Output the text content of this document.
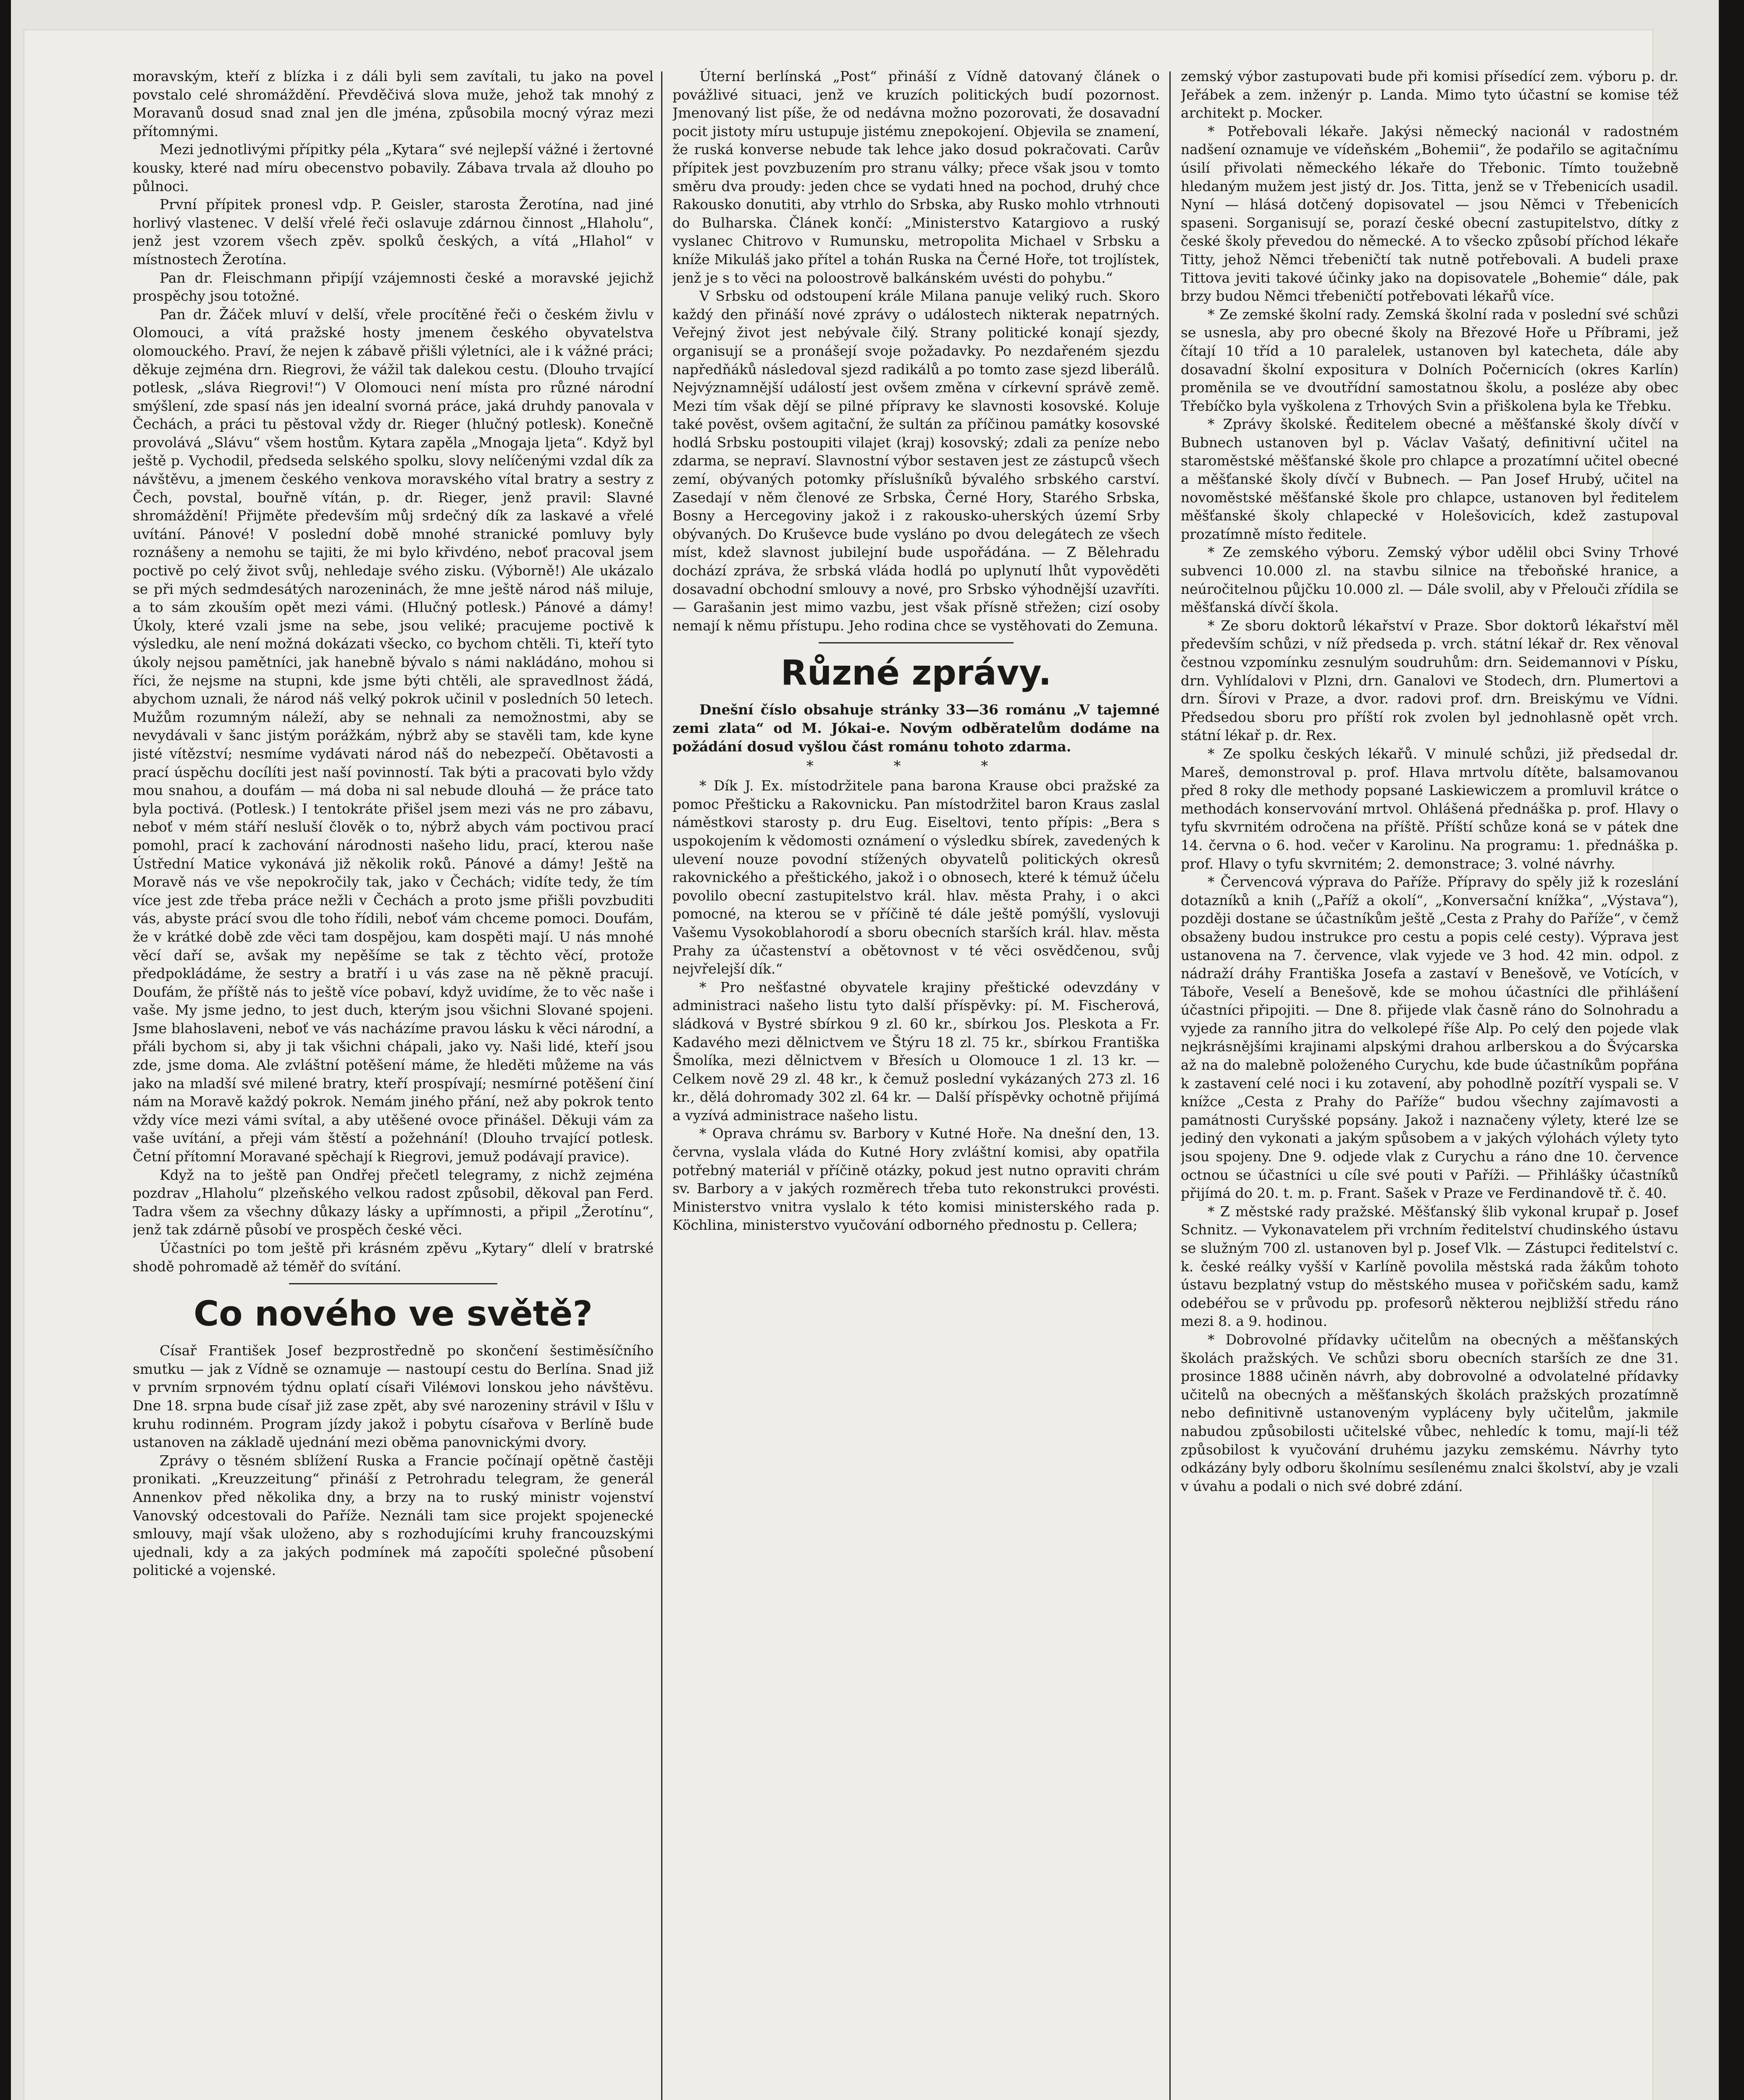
moravským, kteří z blízka i z dáli byli sem zavítali, tu jako na povel povstalo celé shromáždění. Převděčivá slova muže, jehož tak mnohý z Moravanů dosud snad znal jen dle jména, způsobila mocný výraz mezi přítomnými.

Mezi jednotlivými přípitky péla „Kytara“ své nejlepší vážné i žertovné kousky, které nad míru obecenstvo pobavily. Zábava trvala až dlouho po půlnoci.

První přípitek pronesl vdp. P. Geisler, starosta Žerotína, nad jiné horlivý vlastenec. V delší vřelé řeči oslavuje zdárnou činnost „Hlaholu“, jenž jest vzorem všech zpěv. spolků českých, a vítá „Hlahol“ v místnostech Žerotína.

Pan dr. Fleischmann připíjí vzájemnosti české a moravské jejichž prospěchy jsou totožné.

Pan dr. Žáček mluví v delší, vřele procítěné řeči o českém živlu v Olomouci, a vítá pražské hosty jmenem českého obyvatelstva olomouckého. Praví, že nejen k zábavě přišli výletníci, ale i k vážné práci; děkuje zejména drn. Riegrovi, že vážil tak dalekou cestu. (Dlouho trvající potlesk, „sláva Riegrovi!“) V Olomouci není místa pro různé národní smýšlení, zde spasí nás jen idealní svorná práce, jaká druhdy panovala v Čechách, a práci tu pěstoval vždy dr. Rieger (hlučný potlesk). Konečně provolává „Slávu“ všem hostům. Kytara zapěla „Mnogaja ljeta“. Když byl ještě p. Vychodil, předseda selského spolku, slovy nelíčenými vzdal dík za návštěvu, a jmenem českého venkova moravského vítal bratry a sestry z Čech, povstal, bouřně vítán, p. dr. Rieger, jenž pravil: Slavné shromáždění! Přijměte především můj srdečný dík za laskavé a vřelé uvítání. Pánové! V poslední době mnohé stranické pomluvy byly roznášeny a nemohu se tajiti, že mi bylo křivdéno, neboť pracoval jsem poctivě po celý život svůj, nehledaje svého zisku. (Výborně!) Ale ukázalo se při mých sedmdesátých narozeninách, že mne ještě národ náš miluje, a to sám zkouším opět mezi vámi. (Hlučný potlesk.) Pánové a dámy! Úkoly, které vzali jsme na sebe, jsou veliké; pracujeme poctivě k výsledku, ale není možná dokázati všecko, co bychom chtěli. Ti, kteří tyto úkoly nejsou pamětníci, jak hanebně bývalo s námi nakládáno, mohou si říci, že nejsme na stupni, kde jsme býti chtěli, ale spravedlnost žádá, abychom uznali, že národ náš velký pokrok učinil v posledních 50 letech. Mužům rozumným náleží, aby se nehnali za nemožnostmi, aby se nevydávali v šanc jistým porážkám, nýbrž aby se stavěli tam, kde kyne jisté vítězství; nesmíme vydávati národ náš do nebezpečí. Obětavosti a prací úspěchu docílíti jest naší povinností. Tak býti a pracovati bylo vždy mou snahou, a doufám — má doba ni sal nebude dlouhá — že práce tato byla poctivá. (Potlesk.) I tentokráte přišel jsem mezi vás ne pro zábavu, neboť v mém stáří nesluší člověk o to, nýbrž abych vám poctivou prací pomohl, prací k zachování národnosti našeho lidu, prací, kterou naše Ústřední Matice vykonává již několik roků. Pánové a dámy! Ještě na Moravě nás ve vše nepokročily tak, jako v Čechách; vidíte tedy, že tím více jest zde třeba práce nežli v Čechách a proto jsme přišli povzbuditi vás, abyste prácí svou dle toho řídili, neboť vám chceme pomoci. Doufám, že v krátké době zde věci tam dospějou, kam dospěti mají. U nás mnohé věcí daří se, avšak my nepěšíme se tak z těchto věcí, protože předpokládáme, že sestry a bratří i u vás zase na ně pěkně pracují. Doufám, že příště nás to ještě více pobaví, když uvidíme, že to věc naše i vaše. My jsme jedno, to jest duch, kterým jsou všichni Slované spojeni. Jsme blahoslaveni, neboť ve vás nacházíme pravou lásku k věci národní, a přáli bychom si, aby ji tak všichni chápali, jako vy. Naši lidé, kteří jsou zde, jsme doma. Ale zvláštní potěšení máme, že hleděti můžeme na vás jako na mladší své milené bratry, kteří prospívají; nesmírné potěšení činí nám na Moravě každý pokrok. Nemám jiného přání, než aby pokrok tento vždy více mezi vámi svítal, a aby utěšené ovoce přinášel. Děkuji vám za vaše uvítání, a přeji vám štěstí a požehnání! (Dlouho trvající potlesk. Četní přítomní Moravané spěchají k Riegrovi, jemuž podávají pravice).

Když na to ještě pan Ondřej přečetl telegramy, z nichž zejména pozdrav „Hlaholu“ plzeňského velkou radost způsobil, děkoval pan Ferd. Tadra všem za všechny důkazy lásky a upřímnosti, a připil „Žerotínu“, jenž tak zdárně působí ve prospěch české věci.

Účastníci po tom ještě při krásném zpěvu „Kytary“ dlelí v bratrské shodě pohromadě až téměř do svítání.

Co nového ve světě?

Císař František Josef bezprostředně po skončení šestiměsíčního smutku — jak z Vídně se oznamuje — nastoupí cestu do Berlína. Snad již v prvním srpnovém týdnu oplatí císaři Viléмovi lonskou jeho návštěvu. Dne 18. srpna bude císař již zase zpět, aby své narozeniny strávil v Išlu v kruhu rodinném. Program jízdy jakož i pobytu císařova v Berlíně bude ustanoven na základě ujednání mezi oběma panovnickými dvory.

Zprávy o těsném sblížení Ruska a Francie počínají opětně častěji pronikati. „Kreuzzeitung“ přináší z Petrohradu telegram, že generál Annenkov před několika dny, a brzy na to ruský ministr vojenství Vanovský odcestovali do Paříže. Neználi tam sice projekt spojenecké smlouvy, mají však uloženo, aby s rozhodujícími kruhy francouzskými ujednali, kdy a za jakých podmínek má započíti společné působení politické a vojenské.

Úterní berlínská „Post“ přináší z Vídně datovaný článek o povážlivé situaci, jenž ve kruzích politických budí pozornost. Jmenovaný list píše, že od nedávna možno pozorovati, že dosavadní pocit jistoty míru ustupuje jistému znepokojení. Objevila se znamení, že ruská konverse nebude tak lehce jako dosud pokračovati. Carův přípitek jest povzbuzením pro stranu války; přece však jsou v tomto směru dva proudy: jeden chce se vydati hned na pochod, druhý chce Rakousko donutiti, aby vtrhlo do Srbska, aby Rusko mohlo vtrhnouti do Bulharska. Článek končí: „Ministerstvo Katargiovo a ruský vyslanec Chitrovo v Rumunsku, metropolita Michael v Srbsku a kníže Mikuláš jako přítel a tohán Ruska na Černé Hoře, tot trojlístek, jenž je s to věci na poloostrově balkánském uvésti do pohybu.“

V Srbsku od odstoupení krále Milana panuje veliký ruch. Skoro každý den přináší nové zprávy o událostech nikterak nepatrných. Veřejný život jest nebývale čilý. Strany politické konají sjezdy, organisují se a pronášejí svoje požadavky. Po nezdařeném sjezdu napředňáků následoval sjezd radikálů a po tomto zase sjezd liberálů. Nejvýznamnější událostí jest ovšem změna v církevní správě země. Mezi tím však dějí se pilné přípravy ke slavnosti kosovské. Koluje také pověst, ovšem agitační, že sultán za příčinou památky kosovské hodlá Srbsku postoupiti vilajet (kraj) kosovský; zdali za peníze nebo zdarma, se nepraví. Slavnostní výbor sestaven jest ze zástupců všech zemí, obývaných potomky příslušníků bývalého srbského carství. Zasedají v něm členové ze Srbska, Černé Hory, Starého Srbska, Bosny a Hercegoviny jakož i z rakousko-uherských území Srby obývaných. Do Kruševce bude vysláno po dvou delegátech ze všech míst, kdež slavnost jubilejní bude uspořádána. — Z Bělehradu dochází zpráva, že srbská vláda hodlá po uplynutí lhůt vypověděti dosavadní obchodní smlouvy a nové, pro Srbsko výhodnější uzavříti. — Garašanin jest mimo vazbu, jest však přísně střežen; cizí osoby nemají k němu přístupu. Jeho rodina chce se vystěhovati do Zemuna.

Různé zprávy.

Dnešní číslo obsahuje stránky 33—36 románu „V tajemné zemi zlata“ od M. Jókai‑e. Novým odběratelům dodáme na požádání dosud vyšlou část románu tohoto zdarma.

* * *

* Dík J. Ex. místodržitele pana barona Krause obci pražské za pomoc Přešticku a Rakovnicku. Pan místodržitel baron Kraus zaslal náměstkovi starosty p. dru Eug. Eiseltovi, tento přípis: „Bera s uspokojením k vědomosti oznámení o výsledku sbírek, zavedených k ulevení nouze povodní stížených obyvatelů politických okresů rakovnického a přeštického, jakož i o obnosech, které k témuž účelu povolilo obecní zastupitelstvo král. hlav. města Prahy, i o akci pomocné, na kterou se v příčině té dále ještě pomýšlí, vyslovuji Vašemu Vysokoblahorodí a sboru obecních starších král. hlav. města Prahy za účastenství a obětovnost v té věci osvědčenou, svůj nejvřelejší dík.“

* Pro nešťastné obyvatele krajiny přeštické odevzdány v administraci našeho listu tyto další příspěvky: pí. M. Fischerová, sládková v Bystré sbírkou 9 zl. 60 kr., sbírkou Jos. Pleskota a Fr. Kadavého mezi dělnictvem ve Štýru 18 zl. 75 kr., sbírkou Františka Šmolíka, mezi dělnictvem v Břesích u Olomouce 1 zl. 13 kr. — Celkem nově 29 zl. 48 kr., k čemuž poslední vykázaných 273 zl. 16 kr., dělá dohromady 302 zl. 64 kr. — Další příspěvky ochotně přijímá a vyzívá administrace našeho listu.

* Oprava chrámu sv. Barbory v Kutné Hoře. Na dnešní den, 13. června, vyslala vláda do Kutné Hory zvláštní komisi, aby opatřila potřebný materiál v příčině otázky, pokud jest nutno opraviti chrám sv. Barbory a v jakých rozměrech třeba tuto rekonstrukci provésti. Ministerstvo vnitra vyslalo k této komisi ministerského rada p. Köchlina, ministerstvo vyučování odborného přednostu p. Cellera;

zemský výbor zastupovati bude při komisi přísedící zem. výboru p. dr. Jeřábek a zem. inženýr p. Landa. Mimo tyto účastní se komise též architekt p. Mocker.

* Potřebovali lékaře. Jakýsi německý nacionál v radostném nadšení oznamuje ve vídeňském „Bohemii“, že podařilo se agitačnímu úsilí přivolati německého lékaře do Třebonic. Tímto toužebně hledaným mužem jest jistý dr. Jos. Titta, jenž se v Třebenicích usadil. Nyní — hlásá dotčený dopisovatel — jsou Němci v Třebenicích spaseni. Sorganisují se, porazí české obecní zastupitelstvo, dítky z české školy převedou do německé. A to všecko způsobí příchod lékaře Titty, jehož Němci třebeničtí tak nutně potřebovali. A budeli praxe Tittova jeviti takové účinky jako na dopisovatele „Bohemie“ dále, pak brzy budou Němci třebeničtí potřebovati lékařů více.

* Ze zemské školní rady. Zemská školní rada v poslední své schůzi se usnesla, aby pro obecné školy na Březové Hoře u Příbrami, jež čítají 10 tříd a 10 paralelek, ustanoven byl katecheta, dále aby dosavadní školní expositura v Dolních Počernicích (okres Karlín) proměnila se ve dvoutřídní samostatnou školu, a posléze aby obec Třebíčko byla vyškolena z Trhových Svin a přiškolena byla ke Třebku.

* Zprávy školské. Ředitelem obecné a měšťanské školy dívčí v Bubnech ustanoven byl p. Václav Vašatý, definitivní učitel na staroměstské měšťanské škole pro chlapce a prozatímní učitel obecné a měšťanské školy dívčí v Bubnech. — Pan Josef Hrubý, učitel na novoměstské měšťanské škole pro chlapce, ustanoven byl ředitelem měšťanské školy chlapecké v Holešovicích, kdež zastupoval prozatímně místo ředitele.

* Ze zemského výboru. Zemský výbor udělil obci Sviny Trhové subvenci 10.000 zl. na stavbu silnice na třeboňské hranice, a neúročitelnou půjčku 10.000 zl. — Dále svolil, aby v Přelouči zřídila se měšťanská dívčí škola.

* Ze sboru doktorů lékařství v Praze. Sbor doktorů lékařství měl především schůzi, v níž předseda p. vrch. státní lékař dr. Rex věnoval čestnou vzpomínku zesnulým soudruhům: drn. Seidemannovi v Písku, drn. Vyhlídalovi v Plzni, drn. Ganalovi ve Stodech, drn. Plumertovi a drn. Šírovi v Praze, a dvor. radovi prof. drn. Breiskýmu ve Vídni. Předsedou sboru pro příští rok zvolen byl jednohlasně opět vrch. státní lékař p. dr. Rex.

* Ze spolku českých lékařů. V minulé schůzi, již předsedal dr. Mareš, demonstroval p. prof. Hlava mrtvolu dítěte, balsamovanou před 8 roky dle methody popsané Laskiewiczem a promluvil krátce o methodách konservování mrtvol. Ohlášená přednáška p. prof. Hlavy o tyfu skvrnitém odročena na příště. Příští schůze koná se v pátek dne 14. června o 6. hod. večer v Karolinu. Na programu: 1. přednáška p. prof. Hlavy o tyfu skvrnitém; 2. demonstrace; 3. volné návrhy.

* Červencová výprava do Paříže. Přípravy do spěly již k rozeslání dotazníků a knih („Paříž a okolí“, „Konversační knížka“, „Výstava“), později dostane se účastníkům ještě „Cesta z Prahy do Paříže“, v čemž obsaženy budou instrukce pro cestu a popis celé cesty). Výprava jest ustanovena na 7. července, vlak vyjede ve 3 hod. 42 min. odpol. z nádraží dráhy Františka Josefa a zastaví v Benešově, ve Votících, v Táboře, Veselí a Benešově, kde se mohou účastníci dle přihlášení účastníci připojiti. — Dne 8. přijede vlak časně ráno do Solnohradu a vyjede za ranního jitra do velkolepé říše Alp. Po celý den pojede vlak nejkrásnějšími krajinami alpskými drahou arlberskou a do Švýcarska až na do malebně položeného Curychu, kde bude účastníkům popřána k zastavení celé noci i ku zotavení, aby pohodlně pozítří vyspali se. V knížce „Cesta z Prahy do Paříže“ budou všechny zajímavosti a památnosti Curyšské popsány. Jakož i naznačeny výlety, které lze se jediný den vykonati a jakým spůsobem a v jakých výlohách výlety tyto jsou spojeny. Dne 9. odjede vlak z Curychu a ráno dne 10. července octnou se účastníci u cíle své pouti v Paříži. — Přihlášky účastníků přijímá do 20. t. m. p. Frant. Sašek v Praze ve Ferdinandově tř. č. 40.

* Z městské rady pražské. Měšťanský šlib vykonal krupař p. Josef Schnitz. — Vykonavatelem při vrchním ředitelství chudinského ústavu se služným 700 zl. ustanoven byl p. Josef Vlk. — Zástupci ředitelství c. k. české reálky vyšší v Karlíně povolila městská rada žákům tohoto ústavu bezplatný vstup do městského musea v pořičském sadu, kamž odebéřou se v průvodu pp. profesorů některou nejbližší středu ráno mezi 8. a 9. hodinou.

* Dobrovolné přídavky učitelům na obecných a měšťanských školách pražských. Ve schůzi sboru obecních starších ze dne 31. prosince 1888 učiněn návrh, aby dobrovolné a odvolatelné přídavky učitelů na obecných a měšťanských školách pražských prozatímně nebo definitivně ustanoveným vypláceny byly učitelům, jakmile nabudou způsobilosti učitelské vůbec, nehledíc k tomu, mají-li též způsobilost k vyučování druhému jazyku zemskému. Návrhy tyto odkázány byly odboru školnímu sesílenému znalci školství, aby je vzali v úvahu a podali o nich své dobré zdání.
